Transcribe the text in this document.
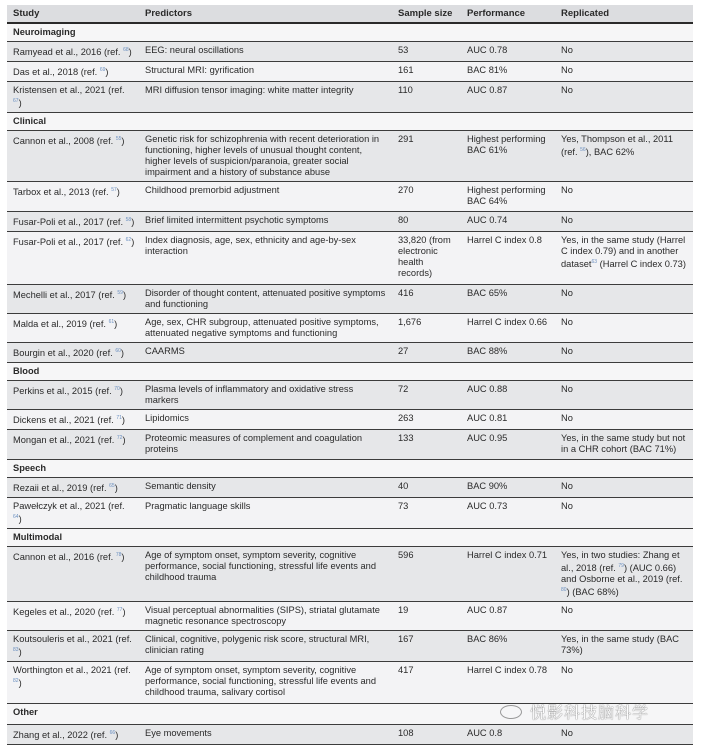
Study	Predictors	Sample size	Performance	Replicated
Neuroimaging				
Ramyead et al., 2016 (ref. $^{68}$)	EEG: neural oscillations	53	AUC 0.78	No
Das et al., 2018 (ref. $^{69}$)	Structural MRI: gyrification	161	BAC 81%	No
Kristensen et al., 2021 (ref. $^{67}$)	MRI diffusion tensor imaging: white matter integrity	110	AUC 0.87	No
Clinical				
Cannon et al., 2008 (ref. $^{55}$)	Genetic risk for schizophrenia with recent deterioration in functioning, higher levels of unusual thought content, higher levels of suspicion/paranoia, greater social impairment and a history of substance abuse	291	Highest performing BAC 61%	Yes, Thompson et al., 2011 (ref. $^{56}$), BAC 62%
Tarbox et al., 2013 (ref. $^{57}$)	Childhood premorbid adjustment	270	Highest performing BAC 64%	No
Fusar-Poli et al., 2017 (ref. $^{58}$)	Brief limited intermittent psychotic symptoms	80	AUC 0.74	No
Fusar-Poli et al., 2017 (ref. $^{62}$)	Index diagnosis, age, sex, ethnicity and age-by-sex interaction	33,820 (from electronic health records)	Harrel C index 0.8	Yes, in the same study (Harrel C index 0.79) and in another dataset$^{63}$ (Harrel C index 0.73)
Mechelli et al., 2017 (ref. $^{59}$)	Disorder of thought content, attenuated positive symptoms and functioning	416	BAC 65%	No
Malda et al., 2019 (ref. $^{61}$)	Age, sex, CHR subgroup, attenuated positive symptoms, attenuated negative symptoms and functioning	1,676	Harrel C index 0.66	No
Bourgin et al., 2020 (ref. $^{60}$)	CAARMS	27	BAC 88%	No
Blood				
Perkins et al., 2015 (ref. $^{70}$)	Plasma levels of inflammatory and oxidative stress markers	72	AUC 0.88	No
Dickens et al., 2021 (ref. $^{71}$)	Lipidomics	263	AUC 0.81	No
Mongan et al., 2021 (ref. $^{72}$)	Proteomic measures of complement and coagulation proteins	133	AUC 0.95	Yes, in the same study but not in a CHR cohort (BAC 71%)
Speech				
Rezaii et al., 2019 (ref. $^{65}$)	Semantic density	40	BAC 90%	No
Pawełczyk et al., 2021 (ref. $^{64}$)	Pragmatic language skills	73	AUC 0.73	No
Multimodal				
Cannon et al., 2016 (ref. $^{78}$)	Age of symptom onset, symptom severity, cognitive performance, social functioning, stressful life events and childhood trauma	596	Harrel C index 0.71	Yes, in two studies: Zhang et al., 2018 (ref. $^{79}$) (AUC 0.66) and Osborne et al., 2019 (ref. $^{80}$) (BAC 68%)
Kegeles et al., 2020 (ref. $^{77}$)	Visual perceptual abnormalities (SIPS), striatal glutamate magnetic resonance spectroscopy	19	AUC 0.87	No
Koutsouleris et al., 2021 (ref. $^{83}$)	Clinical, cognitive, polygenic risk score, structural MRI, clinician rating	167	BAC 86%	Yes, in the same study (BAC 73%)
Worthington et al., 2021 (ref. $^{82}$)	Age of symptom onset, symptom severity, cognitive performance, social functioning, stressful life events and childhood trauma, salivary cortisol	417	Harrel C index 0.78	No

悦影科技脑科学
Other				
Zhang et al., 2022 (ref. $^{66}$)	Eye movements	108	AUC 0.8	No
